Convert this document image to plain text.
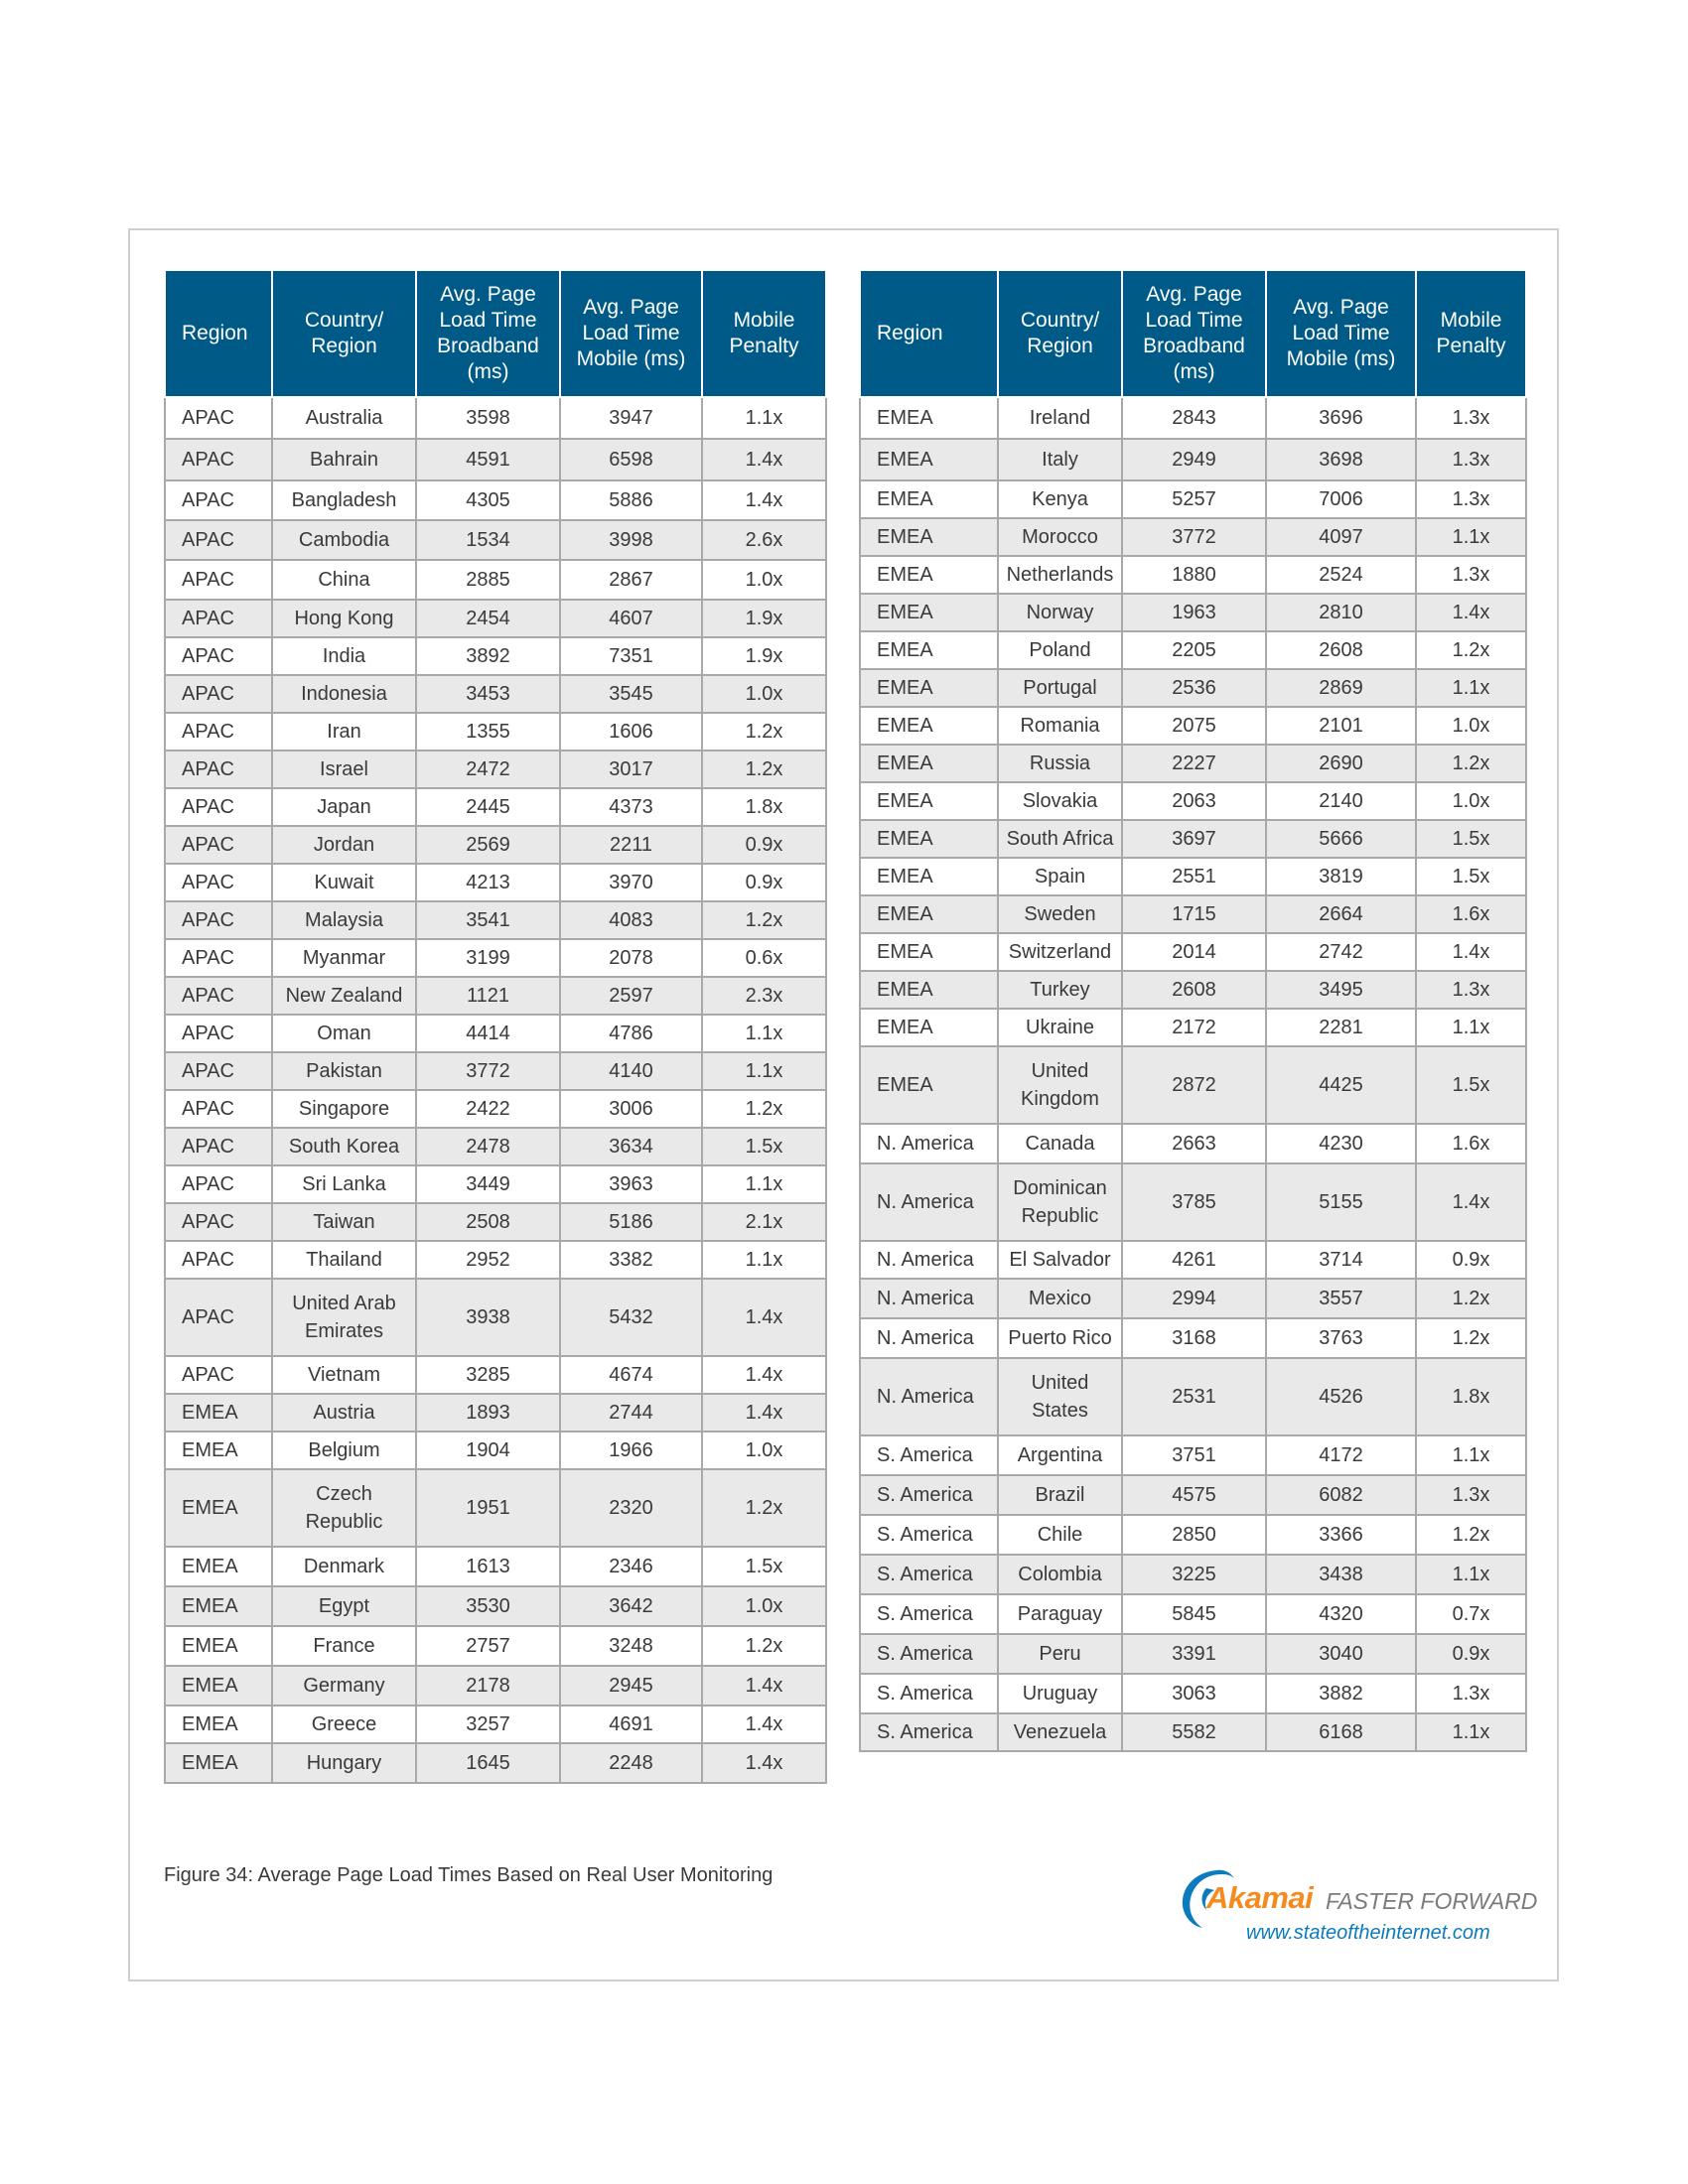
Region	Country/ Region	Avg. Page Load Time Broadband (ms)	Avg. Page Load Time Mobile (ms)	Mobile Penalty
APAC	Australia	3598	3947	1.1x
APAC	Bahrain	4591	6598	1.4x
APAC	Bangladesh	4305	5886	1.4x
APAC	Cambodia	1534	3998	2.6x
APAC	China	2885	2867	1.0x
APAC	Hong Kong	2454	4607	1.9x
APAC	India	3892	7351	1.9x
APAC	Indonesia	3453	3545	1.0x
APAC	Iran	1355	1606	1.2x
APAC	Israel	2472	3017	1.2x
APAC	Japan	2445	4373	1.8x
APAC	Jordan	2569	2211	0.9x
APAC	Kuwait	4213	3970	0.9x
APAC	Malaysia	3541	4083	1.2x
APAC	Myanmar	3199	2078	0.6x
APAC	New Zealand	1121	2597	2.3x
APAC	Oman	4414	4786	1.1x
APAC	Pakistan	3772	4140	1.1x
APAC	Singapore	2422	3006	1.2x
APAC	South Korea	2478	3634	1.5x
APAC	Sri Lanka	3449	3963	1.1x
APAC	Taiwan	2508	5186	2.1x
APAC	Thailand	2952	3382	1.1x
APAC	United Arab Emirates	3938	5432	1.4x
APAC	Vietnam	3285	4674	1.4x
EMEA	Austria	1893	2744	1.4x
EMEA	Belgium	1904	1966	1.0x
EMEA	Czech Republic	1951	2320	1.2x
EMEA	Denmark	1613	2346	1.5x
EMEA	Egypt	3530	3642	1.0x
EMEA	France	2757	3248	1.2x
EMEA	Germany	2178	2945	1.4x
EMEA	Greece	3257	4691	1.4x
EMEA	Hungary	1645	2248	1.4x
Region	Country/ Region	Avg. Page Load Time Broadband (ms)	Avg. Page Load Time Mobile (ms)	Mobile Penalty
EMEA	Ireland	2843	3696	1.3x
EMEA	Italy	2949	3698	1.3x
EMEA	Kenya	5257	7006	1.3x
EMEA	Morocco	3772	4097	1.1x
EMEA	Netherlands	1880	2524	1.3x
EMEA	Norway	1963	2810	1.4x
EMEA	Poland	2205	2608	1.2x
EMEA	Portugal	2536	2869	1.1x
EMEA	Romania	2075	2101	1.0x
EMEA	Russia	2227	2690	1.2x
EMEA	Slovakia	2063	2140	1.0x
EMEA	South Africa	3697	5666	1.5x
EMEA	Spain	2551	3819	1.5x
EMEA	Sweden	1715	2664	1.6x
EMEA	Switzerland	2014	2742	1.4x
EMEA	Turkey	2608	3495	1.3x
EMEA	Ukraine	2172	2281	1.1x
EMEA	United Kingdom	2872	4425	1.5x
N. America	Canada	2663	4230	1.6x
N. America	Dominican Republic	3785	5155	1.4x
N. America	El Salvador	4261	3714	0.9x
N. America	Mexico	2994	3557	1.2x
N. America	Puerto Rico	3168	3763	1.2x
N. America	United States	2531	4526	1.8x
S. America	Argentina	3751	4172	1.1x
S. America	Brazil	4575	6082	1.3x
S. America	Chile	2850	3366	1.2x
S. America	Colombia	3225	3438	1.1x
S. America	Paraguay	5845	4320	0.7x
S. America	Peru	3391	3040	0.9x
S. America	Uruguay	3063	3882	1.3x
S. America	Venezuela	5582	6168	1.1x
Figure 34: Average Page Load Times Based on Real User Monitoring
Akamai FASTER FORWARD
www.stateoftheinternet.com
